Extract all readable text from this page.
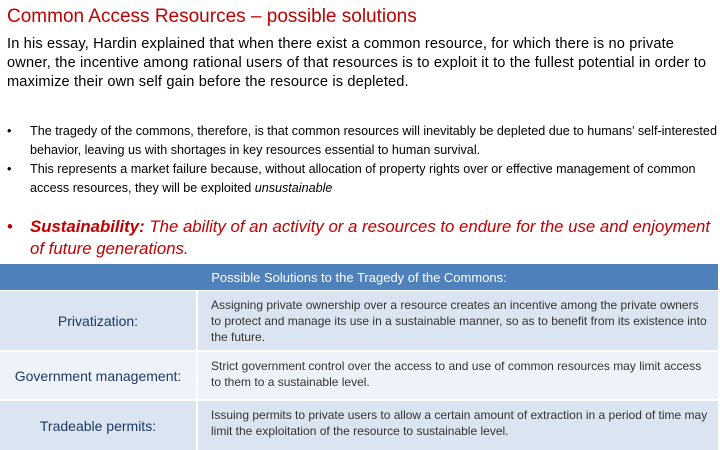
Common Access Resources – possible solutions
In his essay, Hardin explained that when there exist a common resource, for which there is no private owner, the incentive among rational users of that resources is to exploit it to the fullest potential in order to maximize their own self gain before the resource is depleted.
• The tragedy of the commons, therefore, is that common resources will inevitably be depleted due to humans’ self-interested behavior, leaving us with shortages in key resources essential to human survival.
• This represents a market failure because, without allocation of property rights over or effective management of common access resources, they will be exploited unsustainable
• Sustainability: The ability of an activity or a resources to endure for the use and enjoyment of future generations.
Possible Solutions to the Tragedy of the Commons:
Privatization:
Assigning private ownership over a resource creates an incentive among the private owners to protect and manage its use in a sustainable manner, so as to benefit from its existence into the future.
Government management:
Strict government control over the access to and use of common resources may limit access to them to a sustainable level.
Tradeable permits:
Issuing permits to private users to allow a certain amount of extraction in a period of time may limit the exploitation of the resource to sustainable level.
